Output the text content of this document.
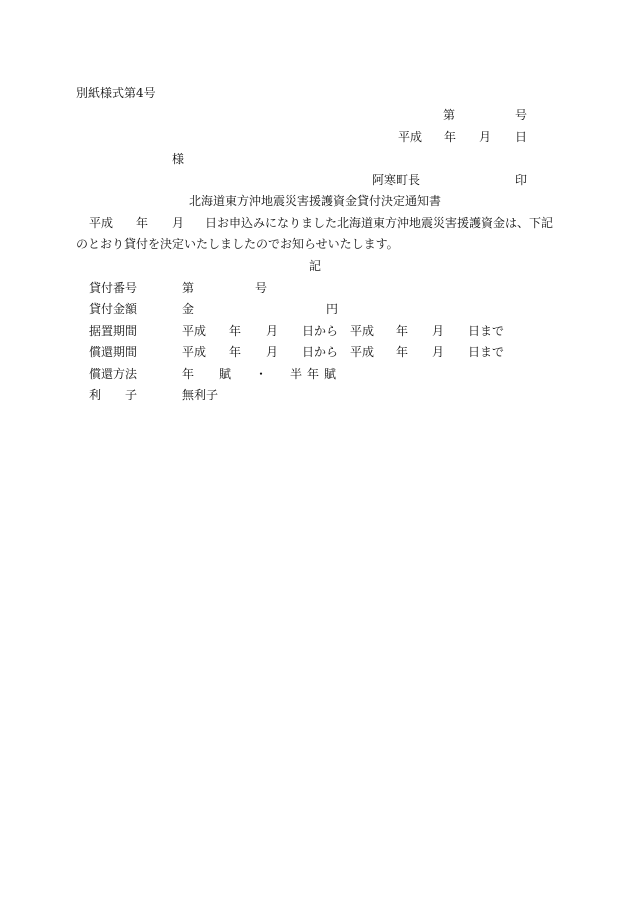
別紙様式第4号
第	号
平成 年 月 日
様
阿寒町長	印
北海道東方沖地震災害援護資金貸付決定通知書
平成 年 月 日お申込みになりました北海道東方沖地震災害援護資金は、下記
のとおり貸付を決定いたしましたのでお知らせいたします。
記
貸付番号	第	号
貸付金額	金	円
据置期間	平成 年 月 日から 平成 年 月 日まで
償還期間	平成 年 月 日から 平成 年 月 日まで
償還方法	年 賦 ・ 半 年 賦
利 子	無利子
